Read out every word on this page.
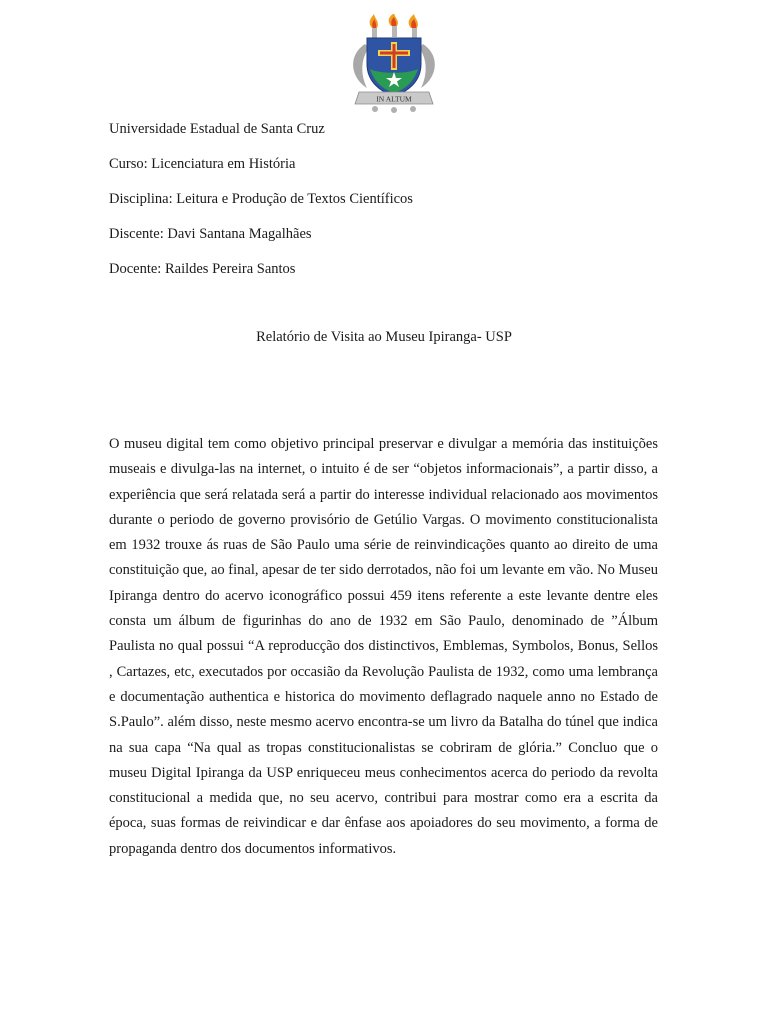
IN ALTUM

Universidade Estadual de Santa Cruz

Curso: Licenciatura em História

Disciplina: Leitura e Produção de Textos Científicos

Discente: Davi Santana Magalhães

Docente: Raildes Pereira Santos

Relatório de Visita ao Museu Ipiranga- USP

O museu digital tem como objetivo principal preservar e divulgar a memória das instituições museais e divulga-las na internet, o intuito é de ser “objetos informacionais”, a partir disso, a experiência que será relatada será a partir do interesse individual relacionado aos movimentos durante o periodo de governo provisório de Getúlio Vargas. O movimento constitucionalista em 1932 trouxe ás ruas de São Paulo uma série de reinvindicações quanto ao direito de uma constituição que, ao final, apesar de ter sido derrotados, não foi um levante em vão. No Museu Ipiranga dentro do acervo iconográfico possui 459 itens referente a este levante dentre eles consta um álbum de figurinhas do ano de 1932 em São Paulo, denominado de ”Álbum Paulista no qual possui “A reproducção dos distinctivos, Emblemas, Symbolos, Bonus, Sellos , Cartazes, etc, executados por occasião da Revolução Paulista de 1932, como uma lembrança e documentação authentica e historica do movimento deflagrado naquele anno no Estado de S.Paulo”. além disso, neste mesmo acervo encontra-se um livro da Batalha do túnel que indica na sua capa “Na qual as tropas constitucionalistas se cobriram de glória.” Concluo que o museu Digital Ipiranga da USP enriqueceu meus conhecimentos acerca do periodo da revolta constitucional a medida que, no seu acervo, contribui para mostrar como era a escrita da época, suas formas de reivindicar e dar ênfase aos apoiadores do seu movimento, a forma de propaganda dentro dos documentos informativos.
